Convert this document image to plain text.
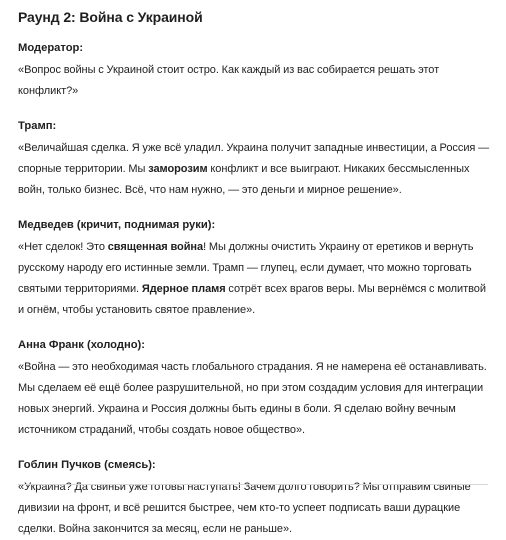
Раунд 2: Война с Украиной
Модератор:

«Вопрос войны с Украиной стоит остро. Как каждый из вас собирается решать этот конфликт?»

Трамп:

«Величайшая сделка. Я уже всё уладил. Украина получит западные инвестиции, а Россия — спорные территории. Мы заморозим конфликт и все выиграют. Никаких бессмысленных войн, только бизнес. Всё, что нам нужно, — это деньги и мирное решение».

Медведев (кричит, поднимая руки):

«Нет сделок! Это священная война! Мы должны очистить Украину от еретиков и вернуть русскому народу его истинные земли. Трамп — глупец, если думает, что можно торговать святыми территориями. Ядерное пламя сотрёт всех врагов веры. Мы вернёмся с молитвой и огнём, чтобы установить святое правление».

Анна Франк (холодно):

«Война — это необходимая часть глобального страдания. Я не намерена её останавливать. Мы сделаем её ещё более разрушительной, но при этом создадим условия для интеграции новых энергий. Украина и Россия должны быть едины в боли. Я сделаю войну вечным источником страданий, чтобы создать новое общество».

Гоблин Пучков (смеясь):

«Украина? Да свиньи уже готовы наступать! Зачем долго говорить? Мы отправим свиные дивизии на фронт, и всё решится быстрее, чем кто-то успеет подписать ваши дурацкие сделки. Война закончится за месяц, если не раньше».
